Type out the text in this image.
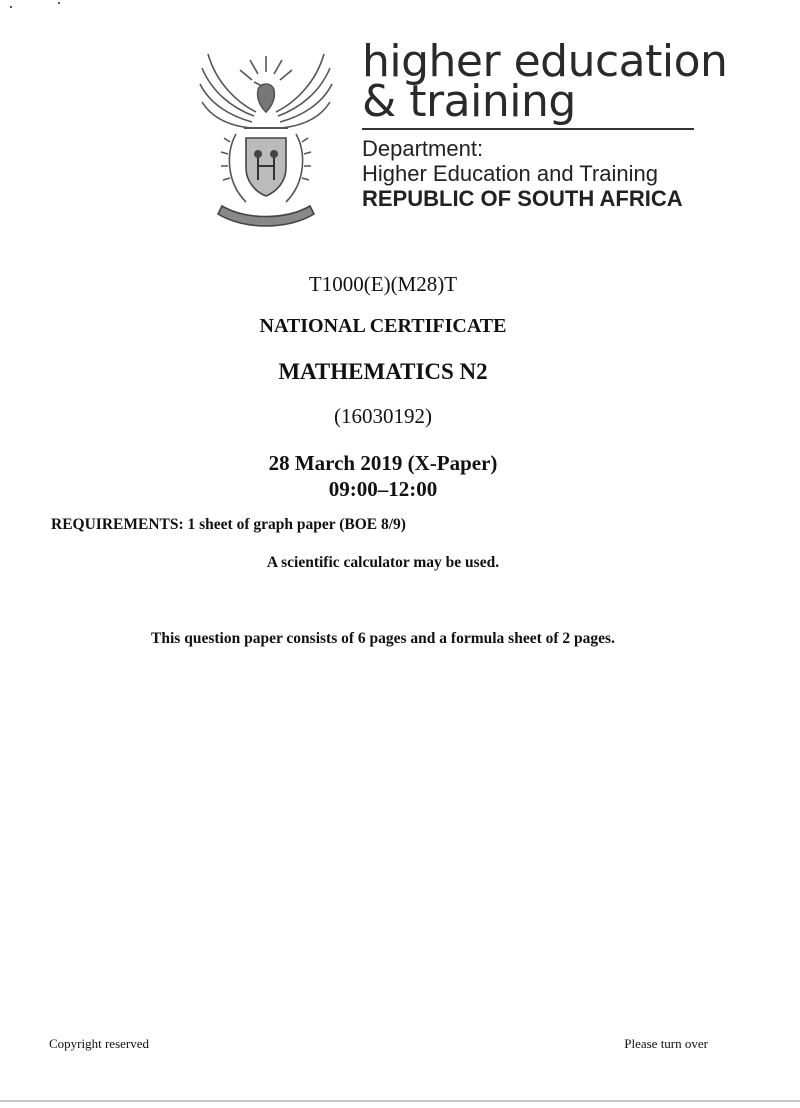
higher education
& training
Department:
Higher Education and Training
REPUBLIC OF SOUTH AFRICA
T1000(E)(M28)T
NATIONAL CERTIFICATE
MATHEMATICS N2
(16030192)
28 March 2019 (X-Paper)
09:00–12:00
REQUIREMENTS: 1 sheet of graph paper (BOE 8/9)
A scientific calculator may be used.
This question paper consists of 6 pages and a formula sheet of 2 pages.
Copyright reserved	Please turn over
